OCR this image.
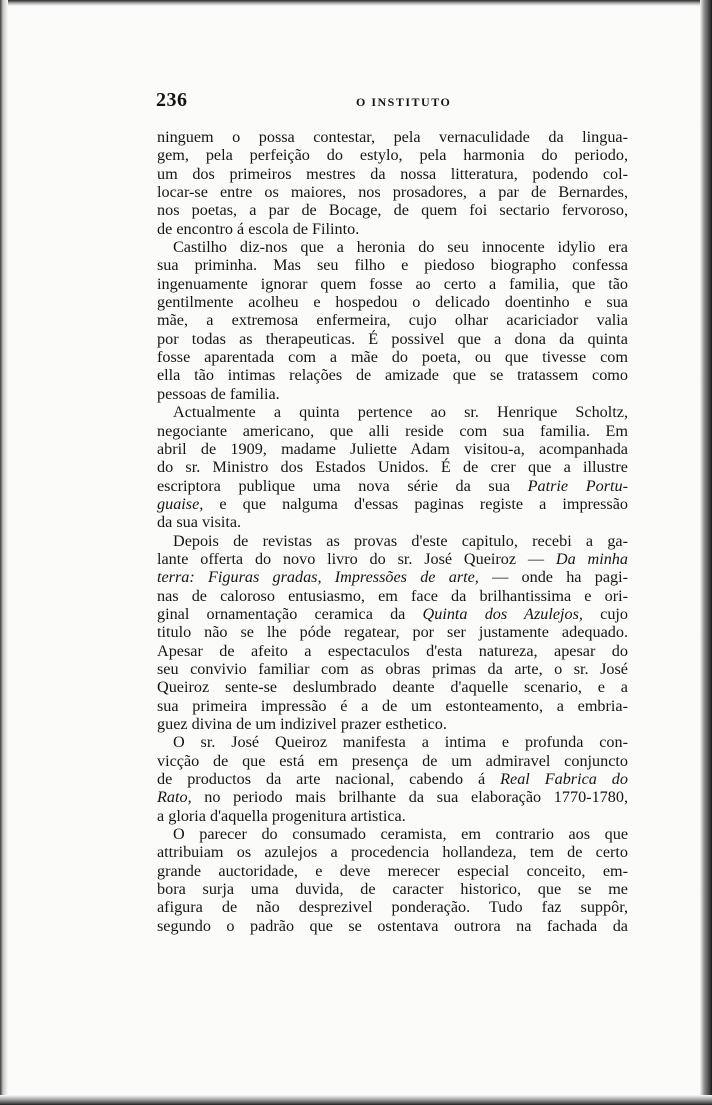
236	O INSTITUTO
ninguem o possa contestar, pela vernaculidade da lingua-
gem, pela perfeição do estylo, pela harmonia do periodo,
um dos primeiros mestres da nossa litteratura, podendo col-
locar-se entre os maiores, nos prosadores, a par de Bernardes,
nos poetas, a par de Bocage, de quem foi sectario fervoroso,
de encontro á escola de Filinto.
Castilho diz-nos que a heronia do seu innocente idylio era
sua priminha. Mas seu filho e piedoso biographo confessa
ingenuamente ignorar quem fosse ao certo a familia, que tão
gentilmente acolheu e hospedou o delicado doentinho e sua
mãe, a extremosa enfermeira, cujo olhar acariciador valia
por todas as therapeuticas. É possivel que a dona da quinta
fosse aparentada com a mãe do poeta, ou que tivesse com
ella tão intimas relações de amizade que se tratassem como
pessoas de familia.
Actualmente a quinta pertence ao sr. Henrique Scholtz,
negociante americano, que alli reside com sua familia. Em
abril de 1909, madame Juliette Adam visitou-a, acompanhada
do sr. Ministro dos Estados Unidos. É de crer que a illustre
escriptora publique uma nova série da sua Patrie Portu-
guaise, e que nalguma d'essas paginas registe a impressão
da sua visita.
Depois de revistas as provas d'este capitulo, recebi a ga-
lante offerta do novo livro do sr. José Queiroz — Da minha
terra: Figuras gradas, Impressões de arte, — onde ha pagi-
nas de caloroso entusiasmo, em face da brilhantissima e ori-
ginal ornamentação ceramica da Quinta dos Azulejos, cujo
titulo não se lhe póde regatear, por ser justamente adequado.
Apesar de afeito a espectaculos d'esta natureza, apesar do
seu convivio familiar com as obras primas da arte, o sr. José
Queiroz sente-se deslumbrado deante d'aquelle scenario, e a
sua primeira impressão é a de um estonteamento, a embria-
guez divina de um indizivel prazer esthetico.
O sr. José Queiroz manifesta a intima e profunda con-
vicção de que está em presença de um admiravel conjuncto
de productos da arte nacional, cabendo á Real Fabrica do
Rato, no periodo mais brilhante da sua elaboração 1770-1780,
a gloria d'aquella progenitura artistica.
O parecer do consumado ceramista, em contrario aos que
attribuiam os azulejos a procedencia hollandeza, tem de certo
grande auctoridade, e deve merecer especial conceito, em-
bora surja uma duvida, de caracter historico, que se me
afigura de não desprezivel ponderação. Tudo faz suppôr,
segundo o padrão que se ostentava outrora na fachada da
